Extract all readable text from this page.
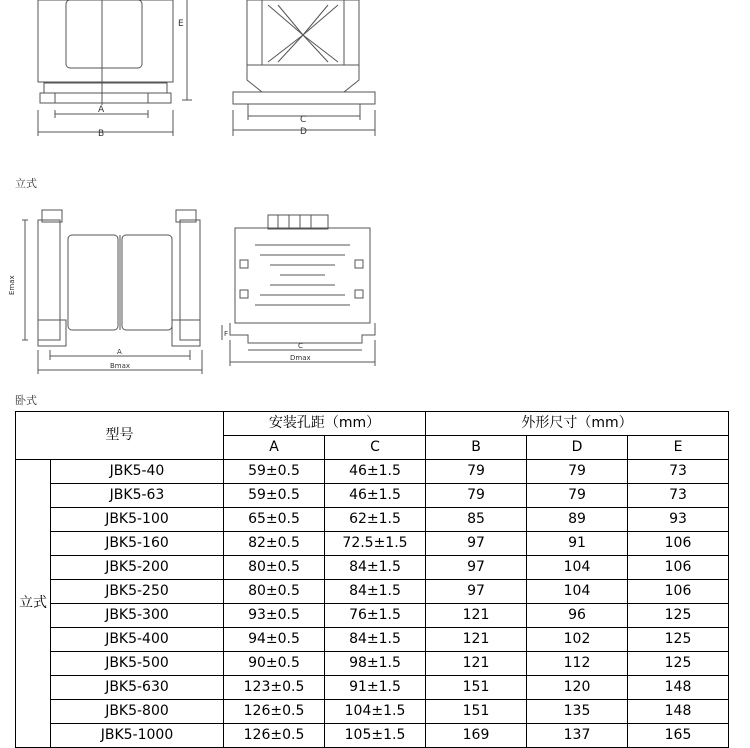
A
B
C
D
E
立式
Emax
A
Bmax
C
Dmax
F
卧式
型号		安装孔距（mm）		外形尺寸（mm）		
		A	C	B	D	E
立式	JBK5-40	59±0.5	46±1.5	79	79	73
	JBK5-63	59±0.5	46±1.5	79	79	73
	JBK5-100	65±0.5	62±1.5	85	89	93
	JBK5-160	82±0.5	72.5±1.5	97	91	106
	JBK5-200	80±0.5	84±1.5	97	104	106
	JBK5-250	80±0.5	84±1.5	97	104	106
	JBK5-300	93±0.5	76±1.5	121	96	125
	JBK5-400	94±0.5	84±1.5	121	102	125
	JBK5-500	90±0.5	98±1.5	121	112	125
	JBK5-630	123±0.5	91±1.5	151	120	148
	JBK5-800	126±0.5	104±1.5	151	135	148
	JBK5-1000	126±0.5	105±1.5	169	137	165
